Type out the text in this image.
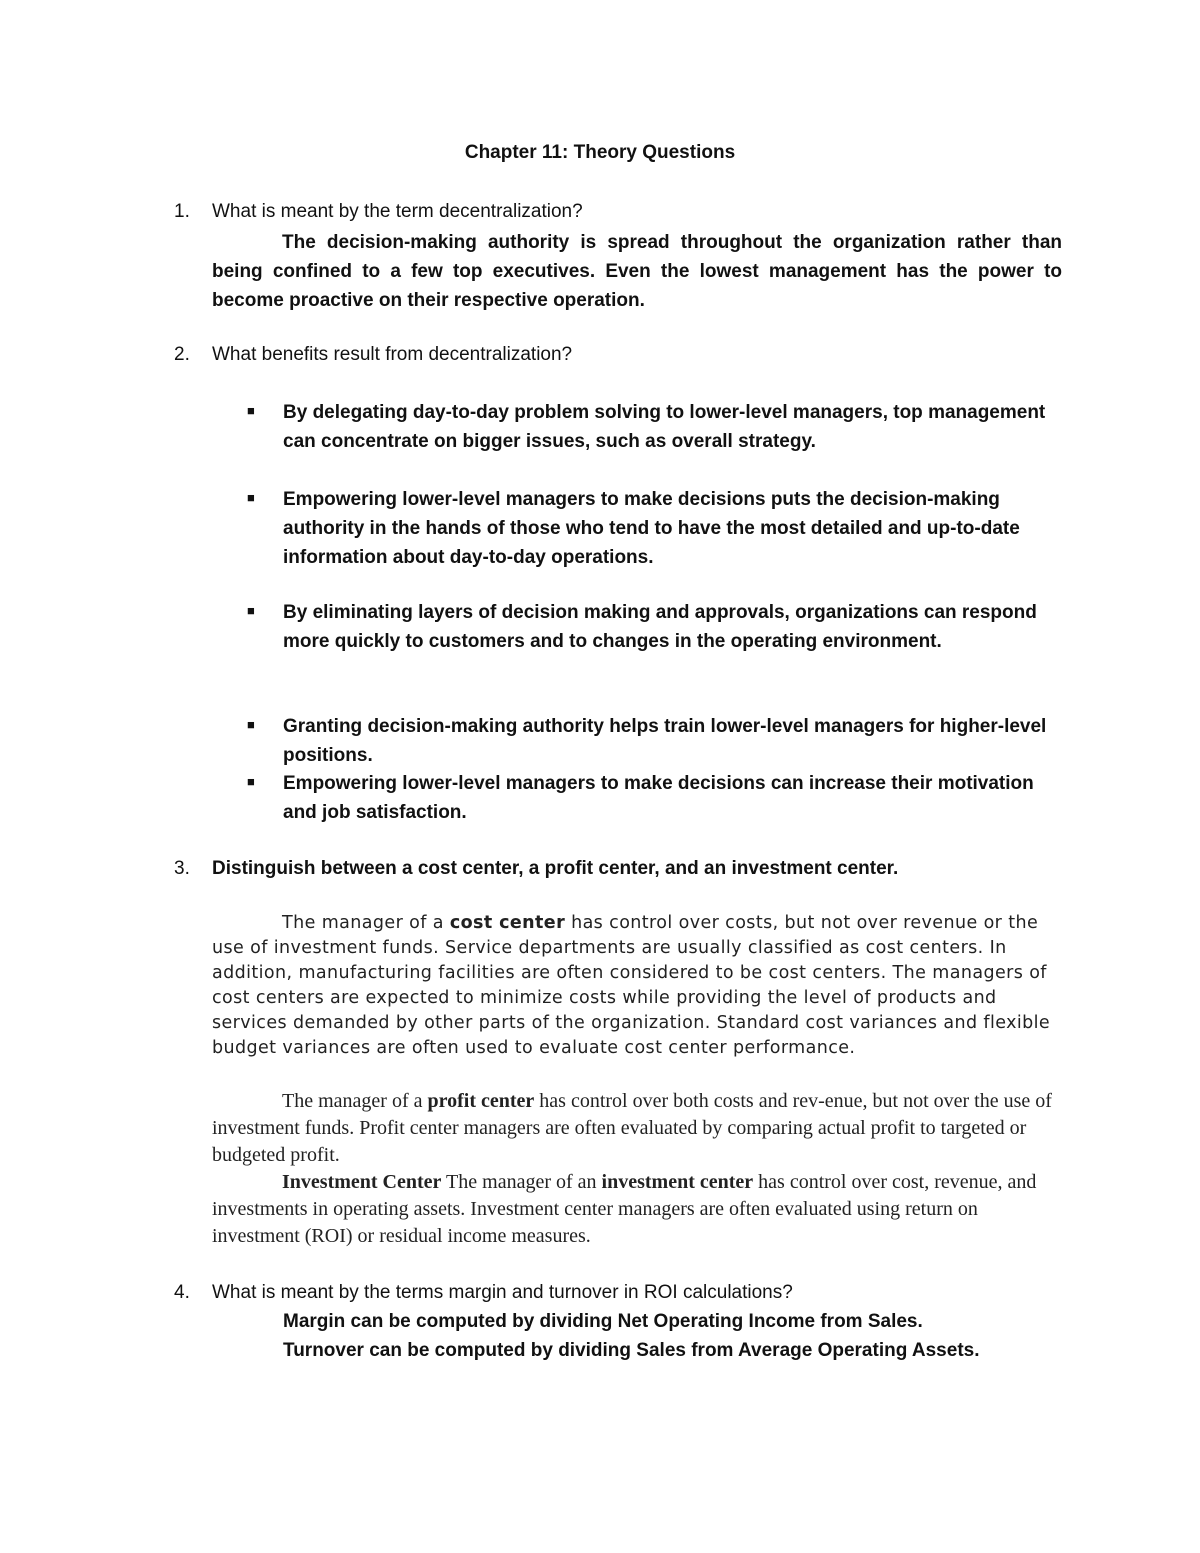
Chapter 11: Theory Questions
1. What is meant by the term decentralization?

The decision-making authority is spread throughout the organization rather than being confined to a few top executives. Even the lowest management has the power to become proactive on their respective operation.

2. What benefits result from decentralization?
■ By delegating day-to-day problem solving to lower-level managers, top management can concentrate on bigger issues, such as overall strategy.

■ Empowering lower-level managers to make decisions puts the decision-making authority in the hands of those who tend to have the most detailed and up-to-date information about day-to-day operations.

■ By eliminating layers of decision making and approvals, organizations can respond more quickly to customers and to changes in the operating environment.

■ Granting decision-making authority helps train lower-level managers for higher-level positions.

■ Empowering lower-level managers to make decisions can increase their motivation and job satisfaction.

3. Distinguish between a cost center, a profit center, and an investment center.

The manager of a cost center has control over costs, but not over revenue or the use of investment funds. Service departments are usually classified as cost centers. In addition, manufacturing facilities are often considered to be cost centers. The managers of cost centers are expected to minimize costs while providing the level of products and services demanded by other parts of the organization. Standard cost variances and flexible budget variances are often used to evaluate cost center performance.

The manager of a profit center has control over both costs and rev-enue, but not over the use of investment funds. Profit center managers are often evaluated by comparing actual profit to targeted or budgeted profit.

Investment Center The manager of an investment center has control over cost, revenue, and investments in operating assets. Investment center managers are often evaluated using return on investment (ROI) or residual income measures.

4. What is meant by the terms margin and turnover in ROI calculations?
Margin can be computed by dividing Net Operating Income from Sales.
Turnover can be computed by dividing Sales from Average Operating Assets.
